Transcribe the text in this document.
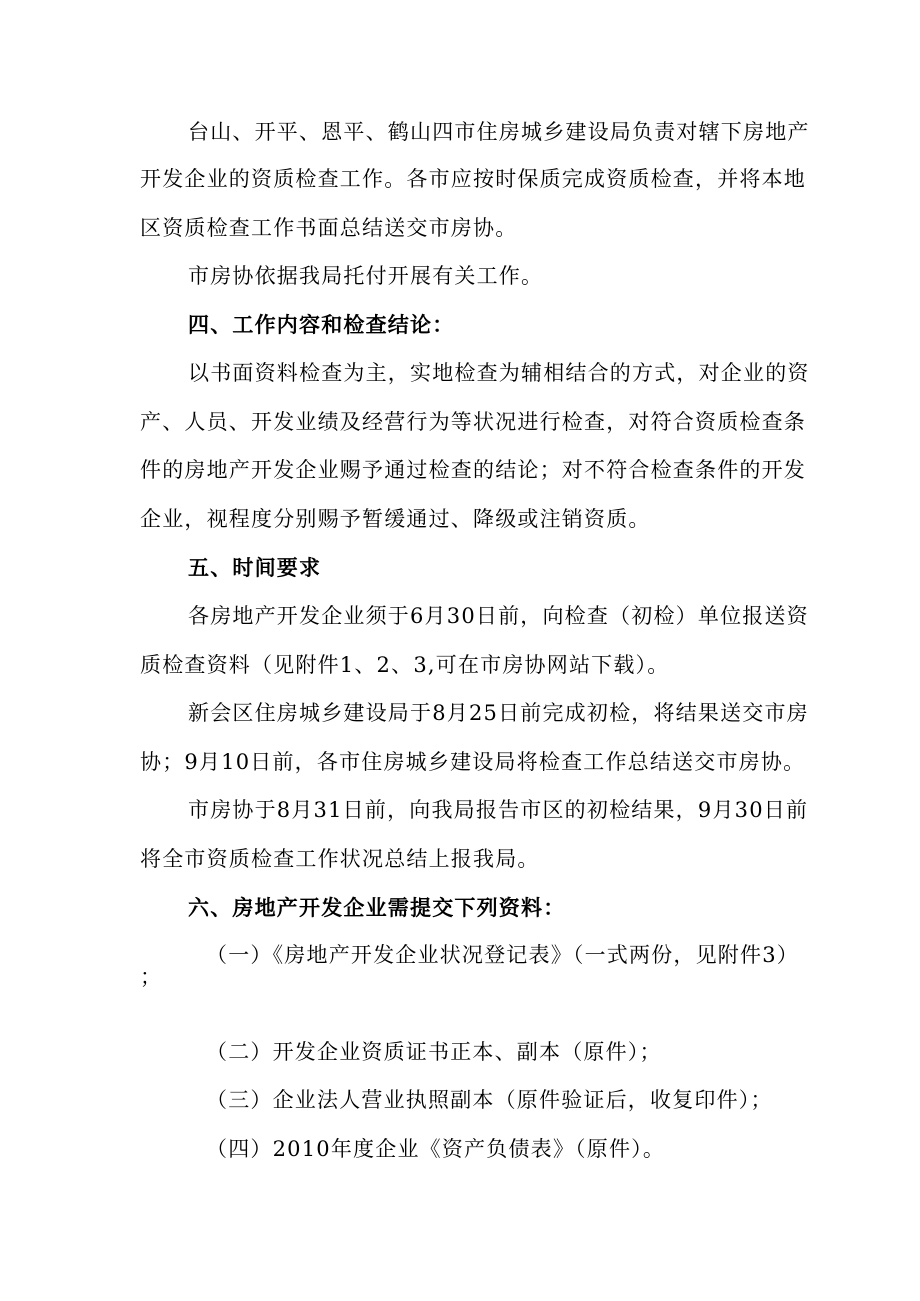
台山、开平、恩平、鹤山四市住房城乡建设局负责对辖下房地产
开发企业的资质检查工作。各市应按时保质完成资质检查，并将本地
区资质检查工作书面总结送交市房协。
市房协依据我局托付开展有关工作。
四、工作内容和检查结论：
以书面资料检查为主，实地检查为辅相结合的方式，对企业的资
产、人员、开发业绩及经营行为等状况进行检查，对符合资质检查条
件的房地产开发企业赐予通过检查的结论；对不符合检查条件的开发
企业，视程度分别赐予暂缓通过、降级或注销资质。
五、时间要求
各房地产开发企业须于6月30日前，向检查（初检）单位报送资
质检查资料（见附件1、2、3,可在市房协网站下载）。
新会区住房城乡建设局于8月25日前完成初检，将结果送交市房
协；9月10日前，各市住房城乡建设局将检查工作总结送交市房协。
市房协于8月31日前，向我局报告市区的初检结果，9月30日前
将全市资质检查工作状况总结上报我局。
六、房地产开发企业需提交下列资料：
（一）《房地产开发企业状况登记表》（一式两份，见附件3）
；
（二）开发企业资质证书正本、副本（原件）；
（三）企业法人营业执照副本（原件验证后，收复印件）；
（四）2010年度企业《资产负债表》（原件）。
